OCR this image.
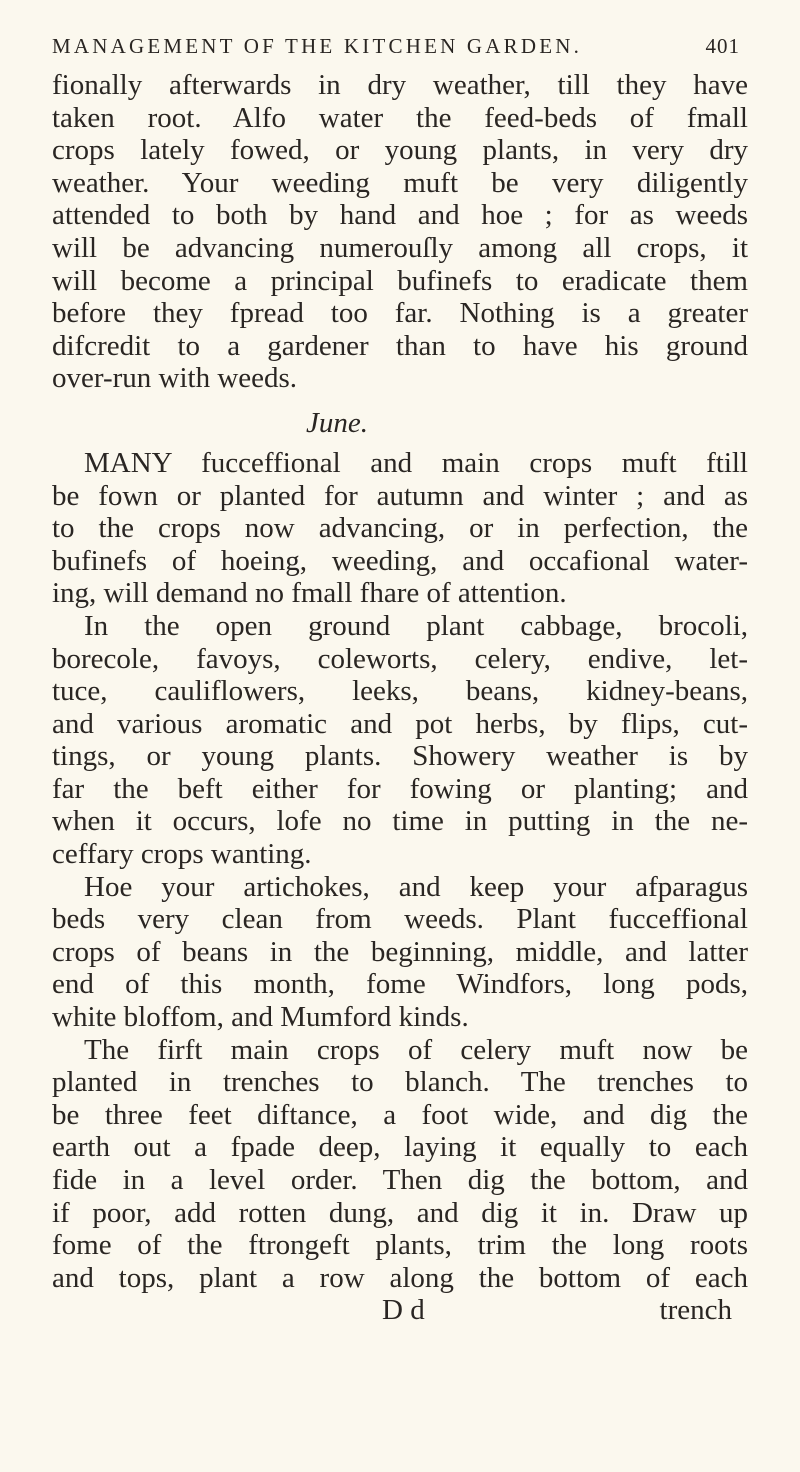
MANAGEMENT OF THE KITCHEN GARDEN.	401
fionally afterwards in dry weather, till they have
taken root. Alfo water the feed-beds of fmall
crops lately fowed, or young plants, in very dry
weather. Your weeding muft be very diligently
attended to both by hand and hoe ; for as weeds
will be advancing numerouſly among all crops, it
will become a principal bufinefs to eradicate them
before they fpread too far. Nothing is a greater
difcredit to a gardener than to have his ground
over-run with weeds.
June.
MANY fucceffional and main crops muft ftill
be fown or planted for autumn and winter ; and as
to the crops now advancing, or in perfection, the
bufinefs of hoeing, weeding, and occafional water-
ing, will demand no fmall fhare of attention.
In the open ground plant cabbage, brocoli,
borecole, favoys, coleworts, celery, endive, let-
tuce, cauliflowers, leeks, beans, kidney-beans,
and various aromatic and pot herbs, by flips, cut-
tings, or young plants. Showery weather is by
far the beft either for fowing or planting; and
when it occurs, lofe no time in putting in the ne-
ceffary crops wanting.
Hoe your artichokes, and keep your afparagus
beds very clean from weeds. Plant fucceffional
crops of beans in the beginning, middle, and latter
end of this month, fome Windfors, long pods,
white bloffom, and Mumford kinds.
The firft main crops of celery muft now be
planted in trenches to blanch. The trenches to
be three feet diftance, a foot wide, and dig the
earth out a fpade deep, laying it equally to each
fide in a level order. Then dig the bottom, and
if poor, add rotten dung, and dig it in. Draw up
fome of the ftrongeft plants, trim the long roots
and tops, plant a row along the bottom of each
D d	trench
